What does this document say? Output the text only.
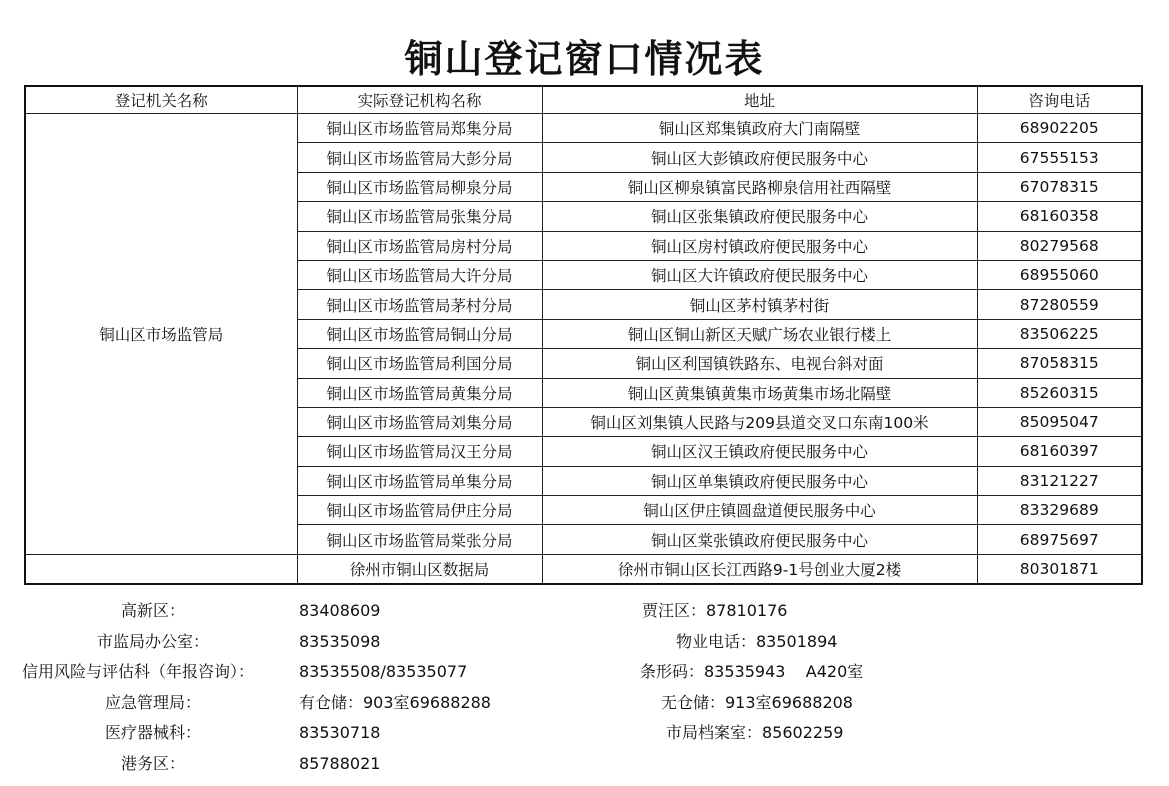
铜山登记窗口情况表
登记机关名称	实际登记机构名称	地址	咨询电话
铜山区市场监管局	铜山区市场监管局郑集分局	铜山区郑集镇政府大门南隔壁	68902205
	铜山区市场监管局大彭分局	铜山区大彭镇政府便民服务中心	67555153
	铜山区市场监管局柳泉分局	铜山区柳泉镇富民路柳泉信用社西隔壁	67078315
	铜山区市场监管局张集分局	铜山区张集镇政府便民服务中心	68160358
	铜山区市场监管局房村分局	铜山区房村镇政府便民服务中心	80279568
	铜山区市场监管局大许分局	铜山区大许镇政府便民服务中心	68955060
	铜山区市场监管局茅村分局	铜山区茅村镇茅村街	87280559
	铜山区市场监管局铜山分局	铜山区铜山新区天赋广场农业银行楼上	83506225
	铜山区市场监管局利国分局	铜山区利国镇铁路东、电视台斜对面	87058315
	铜山区市场监管局黄集分局	铜山区黄集镇黄集市场黄集市场北隔壁	85260315
	铜山区市场监管局刘集分局	铜山区刘集镇人民路与209县道交叉口东南100米	85095047
	铜山区市场监管局汉王分局	铜山区汉王镇政府便民服务中心	68160397
	铜山区市场监管局单集分局	铜山区单集镇政府便民服务中心	83121227
	铜山区市场监管局伊庄分局	铜山区伊庄镇圆盘道便民服务中心	83329689
	铜山区市场监管局棠张分局	铜山区棠张镇政府便民服务中心	68975697
	徐州市铜山区数据局	徐州市铜山区长江西路9-1号创业大厦2楼	80301871
高新区：	83408609	贾汪区：87810176
市监局办公室：	83535098	物业电话：83501894
信用风险与评估科（年报咨询）：	83535508/83535077	条形码：83535943    A420室
应急管理局：	有仓储：903室69688288	无仓储：913室69688208
医疗器械科：	83530718	市局档案室：85602259
港务区：	85788021
